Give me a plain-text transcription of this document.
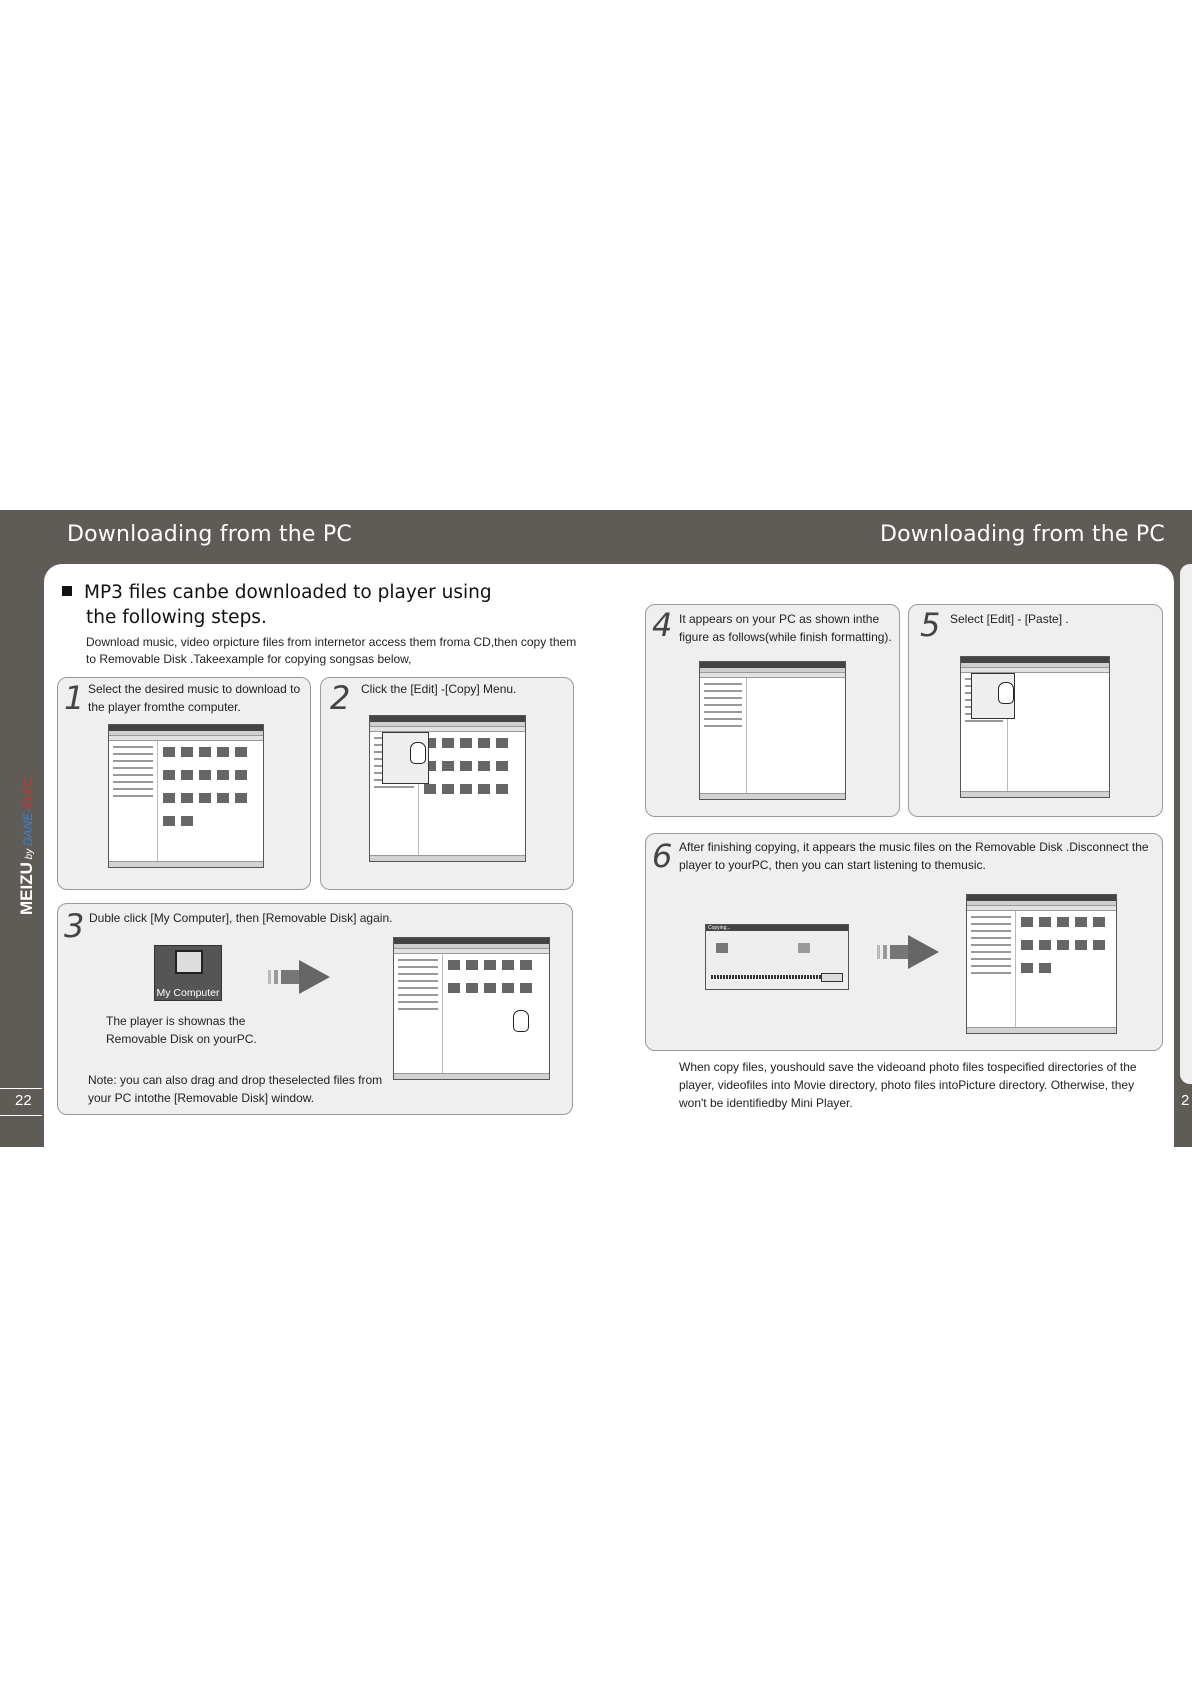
Downloading from the PC	Downloading from the PC
MEIZU by DANE-ELEC
22	2
MP3 files canbe downloaded to player using
the following steps.
Download music, video orpicture files from internetor access them froma CD,then copy them to Removable Disk .Takeexample for copying songsas below,
1 Select the desired music to download to the player fromthe computer.	2 Click the [Edit] -[Copy] Menu.
3 Duble click [My Computer], then [Removable Disk] again.
My Computer
The player is shownas the Removable Disk on yourPC.
Note: you can also drag and drop theselected files from your PC intothe [Removable Disk] window.
4 It appears on your PC as shown inthe figure as follows(while finish formatting). 5 Select [Edit] - [Paste] .
6 After finishing copying, it appears the music files on the Removable Disk .Disconnect the player to yourPC, then you can start listening to themusic.
Copying...
When copy files, youshould save the videoand photo files tospecified directories of the player, videofiles into Movie directory, photo files intoPicture directory. Otherwise, they won't be identifiedby Mini Player.
